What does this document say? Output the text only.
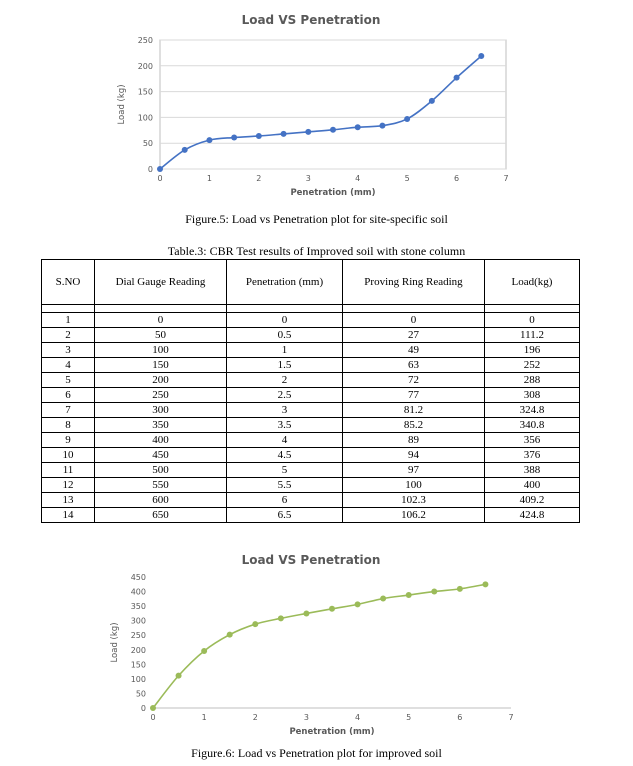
Load VS Penetration
0
50
100
150
200
250
0	1	2	3	4	5	6	7
Penetration (mm)
Load (kg)
Figure.5: Load vs Penetration plot for site-specific soil
Table.3: CBR Test results of Improved soil with stone column
S.NO	Dial Gauge Reading	Penetration (mm)	Proving Ring Reading	Load(kg)

1	0	0	0	0
2	50	0.5	27	111.2
3	100	1	49	196
4	150	1.5	63	252
5	200	2	72	288
6	250	2.5	77	308
7	300	3	81.2	324.8
8	350	3.5	85.2	340.8
9	400	4	89	356
10	450	4.5	94	376
11	500	5	97	388
12	550	5.5	100	400
13	600	6	102.3	409.2
14	650	6.5	106.2	424.8
Load VS Penetration
0
50
100
150
200
250
300
350
400
450
0	1	2	3	4	5	6	7
Penetration (mm)
Load (kg)
Figure.6: Load vs Penetration plot for improved soil
